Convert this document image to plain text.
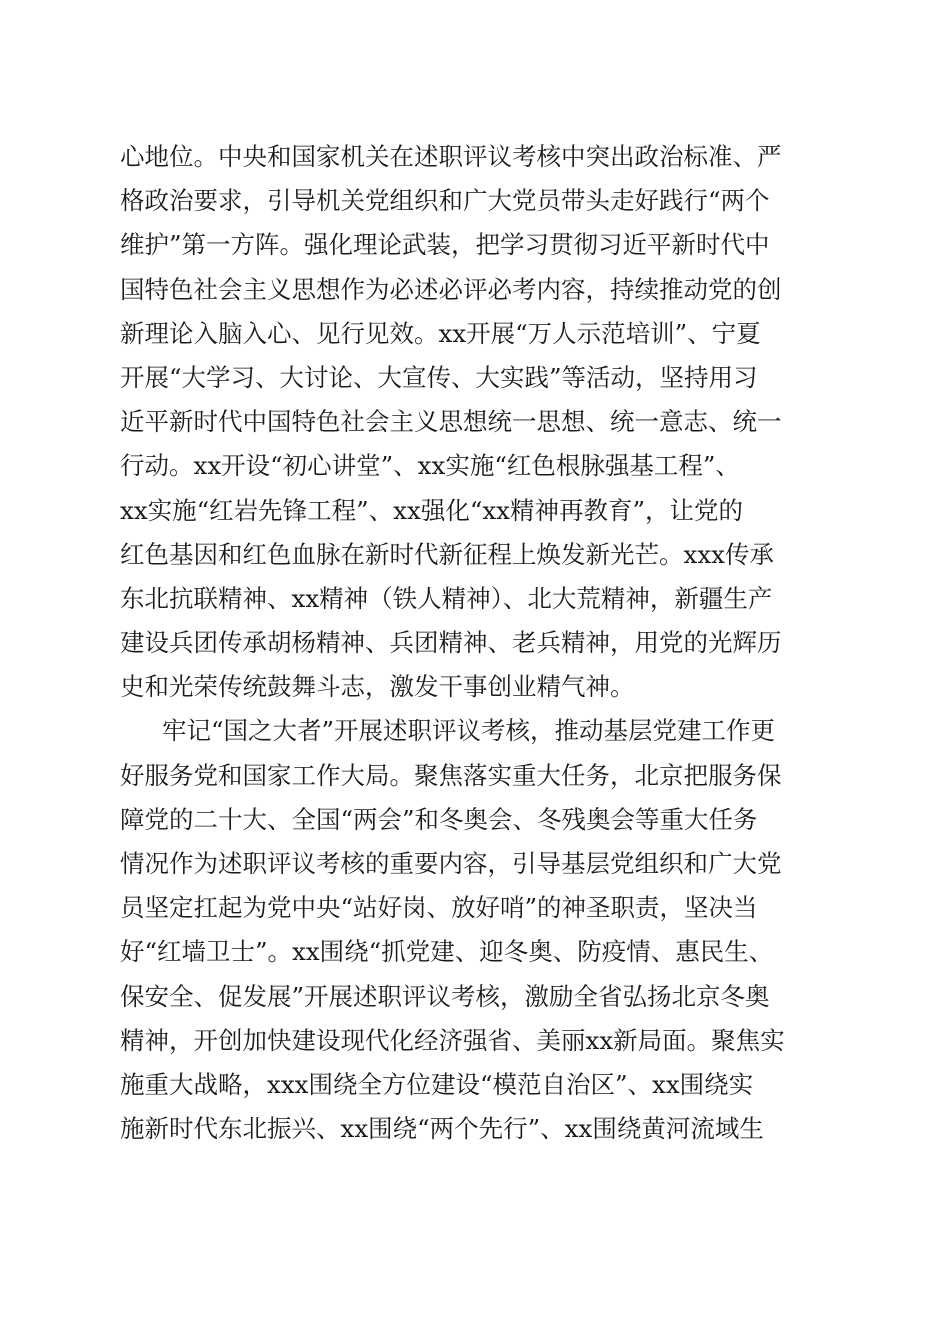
心地位。中央和国家机关在述职评议考核中突出政治标准、严
格政治要求，引导机关党组织和广大党员带头走好践行“两个
维护”第一方阵。强化理论武装，把学习贯彻习近平新时代中
国特色社会主义思想作为必述必评必考内容，持续推动党的创
新理论入脑入心、见行见效。xx开展“万人示范培训”、宁夏
开展“大学习、大讨论、大宣传、大实践”等活动，坚持用习
近平新时代中国特色社会主义思想统一思想、统一意志、统一
行动。xx开设“初心讲堂”、xx实施“红色根脉强基工程”、
xx实施“红岩先锋工程”、xx强化“xx精神再教育”，让党的
红色基因和红色血脉在新时代新征程上焕发新光芒。xxx传承
东北抗联精神、xx精神（铁人精神）、北大荒精神，新疆生产
建设兵团传承胡杨精神、兵团精神、老兵精神，用党的光辉历
史和光荣传统鼓舞斗志，激发干事创业精气神。
牢记“国之大者”开展述职评议考核，推动基层党建工作更
好服务党和国家工作大局。聚焦落实重大任务，北京把服务保
障党的二十大、全国“两会”和冬奥会、冬残奥会等重大任务
情况作为述职评议考核的重要内容，引导基层党组织和广大党
员坚定扛起为党中央“站好岗、放好哨”的神圣职责，坚决当
好“红墙卫士”。xx围绕“抓党建、迎冬奥、防疫情、惠民生、
保安全、促发展”开展述职评议考核，激励全省弘扬北京冬奥
精神，开创加快建设现代化经济强省、美丽xx新局面。聚焦实
施重大战略，xxx围绕全方位建设“模范自治区”、xx围绕实
施新时代东北振兴、xx围绕“两个先行”、xx围绕黄河流域生
